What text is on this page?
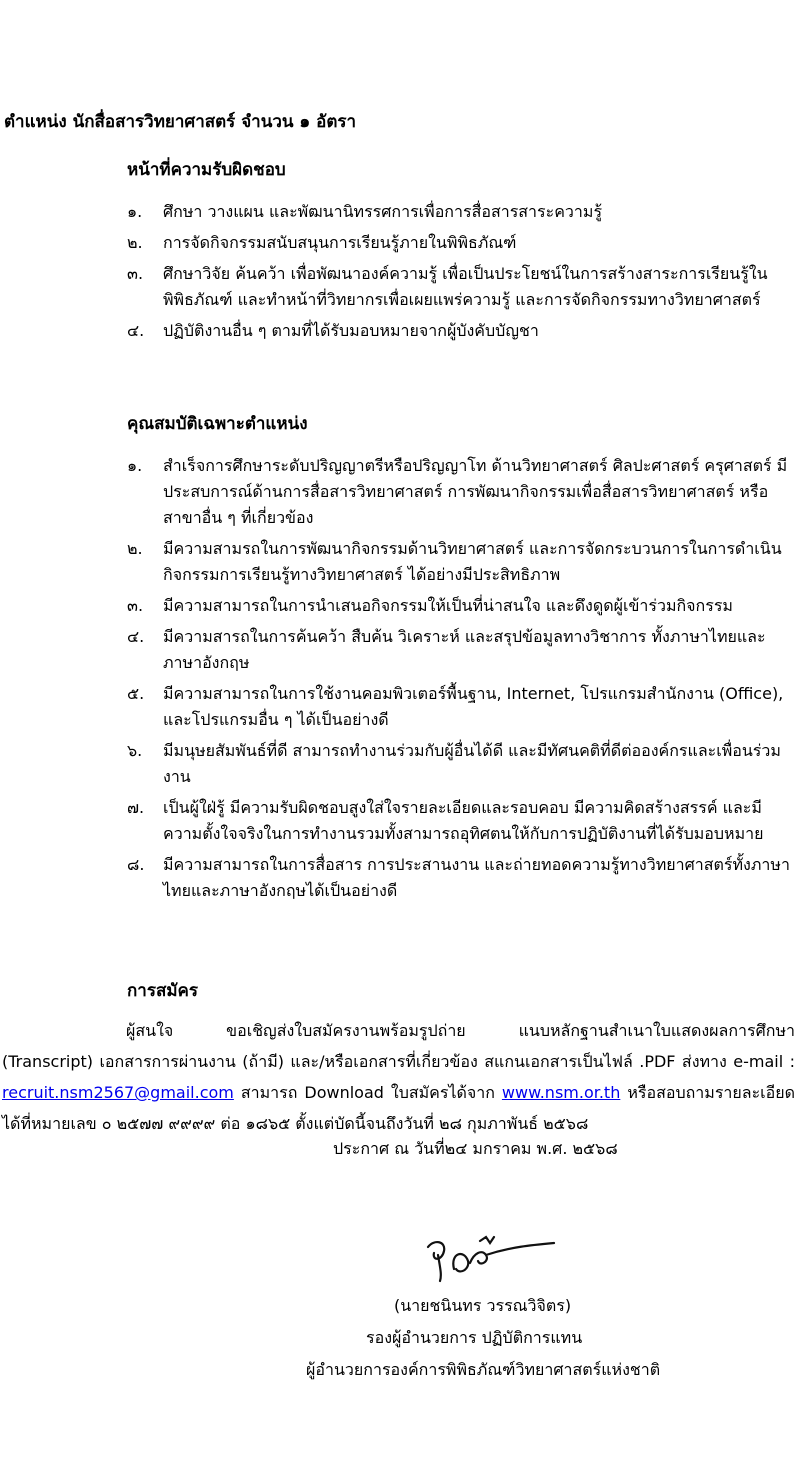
ตำแหน่ง นักสื่อสารวิทยาศาสตร์ จำนวน ๑ อัตรา
หน้าที่ความรับผิดชอบ
๑. ศึกษา วางแผน และพัฒนานิทรรศการเพื่อการสื่อสารสาระความรู้
๒. การจัดกิจกรรมสนับสนุนการเรียนรู้ภายในพิพิธภัณฑ์
๓. ศึกษาวิจัย ค้นคว้า เพื่อพัฒนาองค์ความรู้ เพื่อเป็นประโยชน์ในการสร้างสาระการเรียนรู้ในพิพิธภัณฑ์ และทำหน้าที่วิทยากรเพื่อเผยแพร่ความรู้ และการจัดกิจกรรมทางวิทยาศาสตร์
๔. ปฏิบัติงานอื่น ๆ ตามที่ได้รับมอบหมายจากผู้บังคับบัญชา
คุณสมบัติเฉพาะตำแหน่ง
๑. สำเร็จการศึกษาระดับปริญญาตรีหรือปริญญาโท ด้านวิทยาศาสตร์ ศิลปะศาสตร์ ครุศาสตร์ มีประสบการณ์ด้านการสื่อสารวิทยาศาสตร์ การพัฒนากิจกรรมเพื่อสื่อสารวิทยาศาสตร์ หรือ สาขาอื่น ๆ ที่เกี่ยวข้อง
๒. มีความสามรถในการพัฒนากิจกรรมด้านวิทยาศาสตร์ และการจัดกระบวนการในการดำเนินกิจกรรมการเรียนรู้ทางวิทยาศาสตร์ ได้อย่างมีประสิทธิภาพ
๓. มีความสามารถในการนำเสนอกิจกรรมให้เป็นที่น่าสนใจ และดึงดูดผู้เข้าร่วมกิจกรรม
๔. มีความสารถในการค้นคว้า สืบค้น วิเคราะห์ และสรุปข้อมูลทางวิชาการ ทั้งภาษาไทยและภาษาอังกฤษ
๕. มีความสามารถในการใช้งานคอมพิวเตอร์พื้นฐาน, Internet, โปรแกรมสำนักงาน (Office), และโปรแกรมอื่น ๆ ได้เป็นอย่างดี
๖. มีมนุษยสัมพันธ์ที่ดี สามารถทำงานร่วมกับผู้อื่นได้ดี และมีทัศนคติที่ดีต่อองค์กรและเพื่อนร่วมงาน
๗. เป็นผู้ใฝ่รู้ มีความรับผิดชอบสูงใส่ใจรายละเอียดและรอบคอบ มีความคิดสร้างสรรค์ และมีความตั้งใจจริงในการทำงานรวมทั้งสามารถอุทิศตนให้กับการปฏิบัติงานที่ได้รับมอบหมาย
๘. มีความสามารถในการสื่อสาร การประสานงาน และถ่ายทอดความรู้ทางวิทยาศาสตร์ทั้งภาษาไทยและภาษาอังกฤษได้เป็นอย่างดี
การสมัคร

ผู้สนใจ ขอเชิญส่งใบสมัครงานพร้อมรูปถ่าย แนบหลักฐานสำเนาใบแสดงผลการศึกษา (Transcript) เอกสารการผ่านงาน (ถ้ามี) และ/หรือเอกสารที่เกี่ยวข้อง สแกนเอกสารเป็นไฟล์ .PDF ส่งทาง e-mail : recruit.nsm2567@gmail.com สามารถ Download ใบสมัครได้จาก www.nsm.or.th หรือสอบถามรายละเอียดได้ที่หมายเลข ๐ ๒๕๗๗ ๙๙๙๙ ต่อ ๑๘๖๕ ตั้งแต่บัดนี้จนถึงวันที่ ๒๘ กุมภาพันธ์ ๒๕๖๘

ประกาศ ณ วันที่๒๔ มกราคม พ.ศ. ๒๕๖๘
(นายชนินทร วรรณวิจิตร)
รองผู้อำนวยการ ปฏิบัติการแทน
ผู้อำนวยการองค์การพิพิธภัณฑ์วิทยาศาสตร์แห่งชาติ
